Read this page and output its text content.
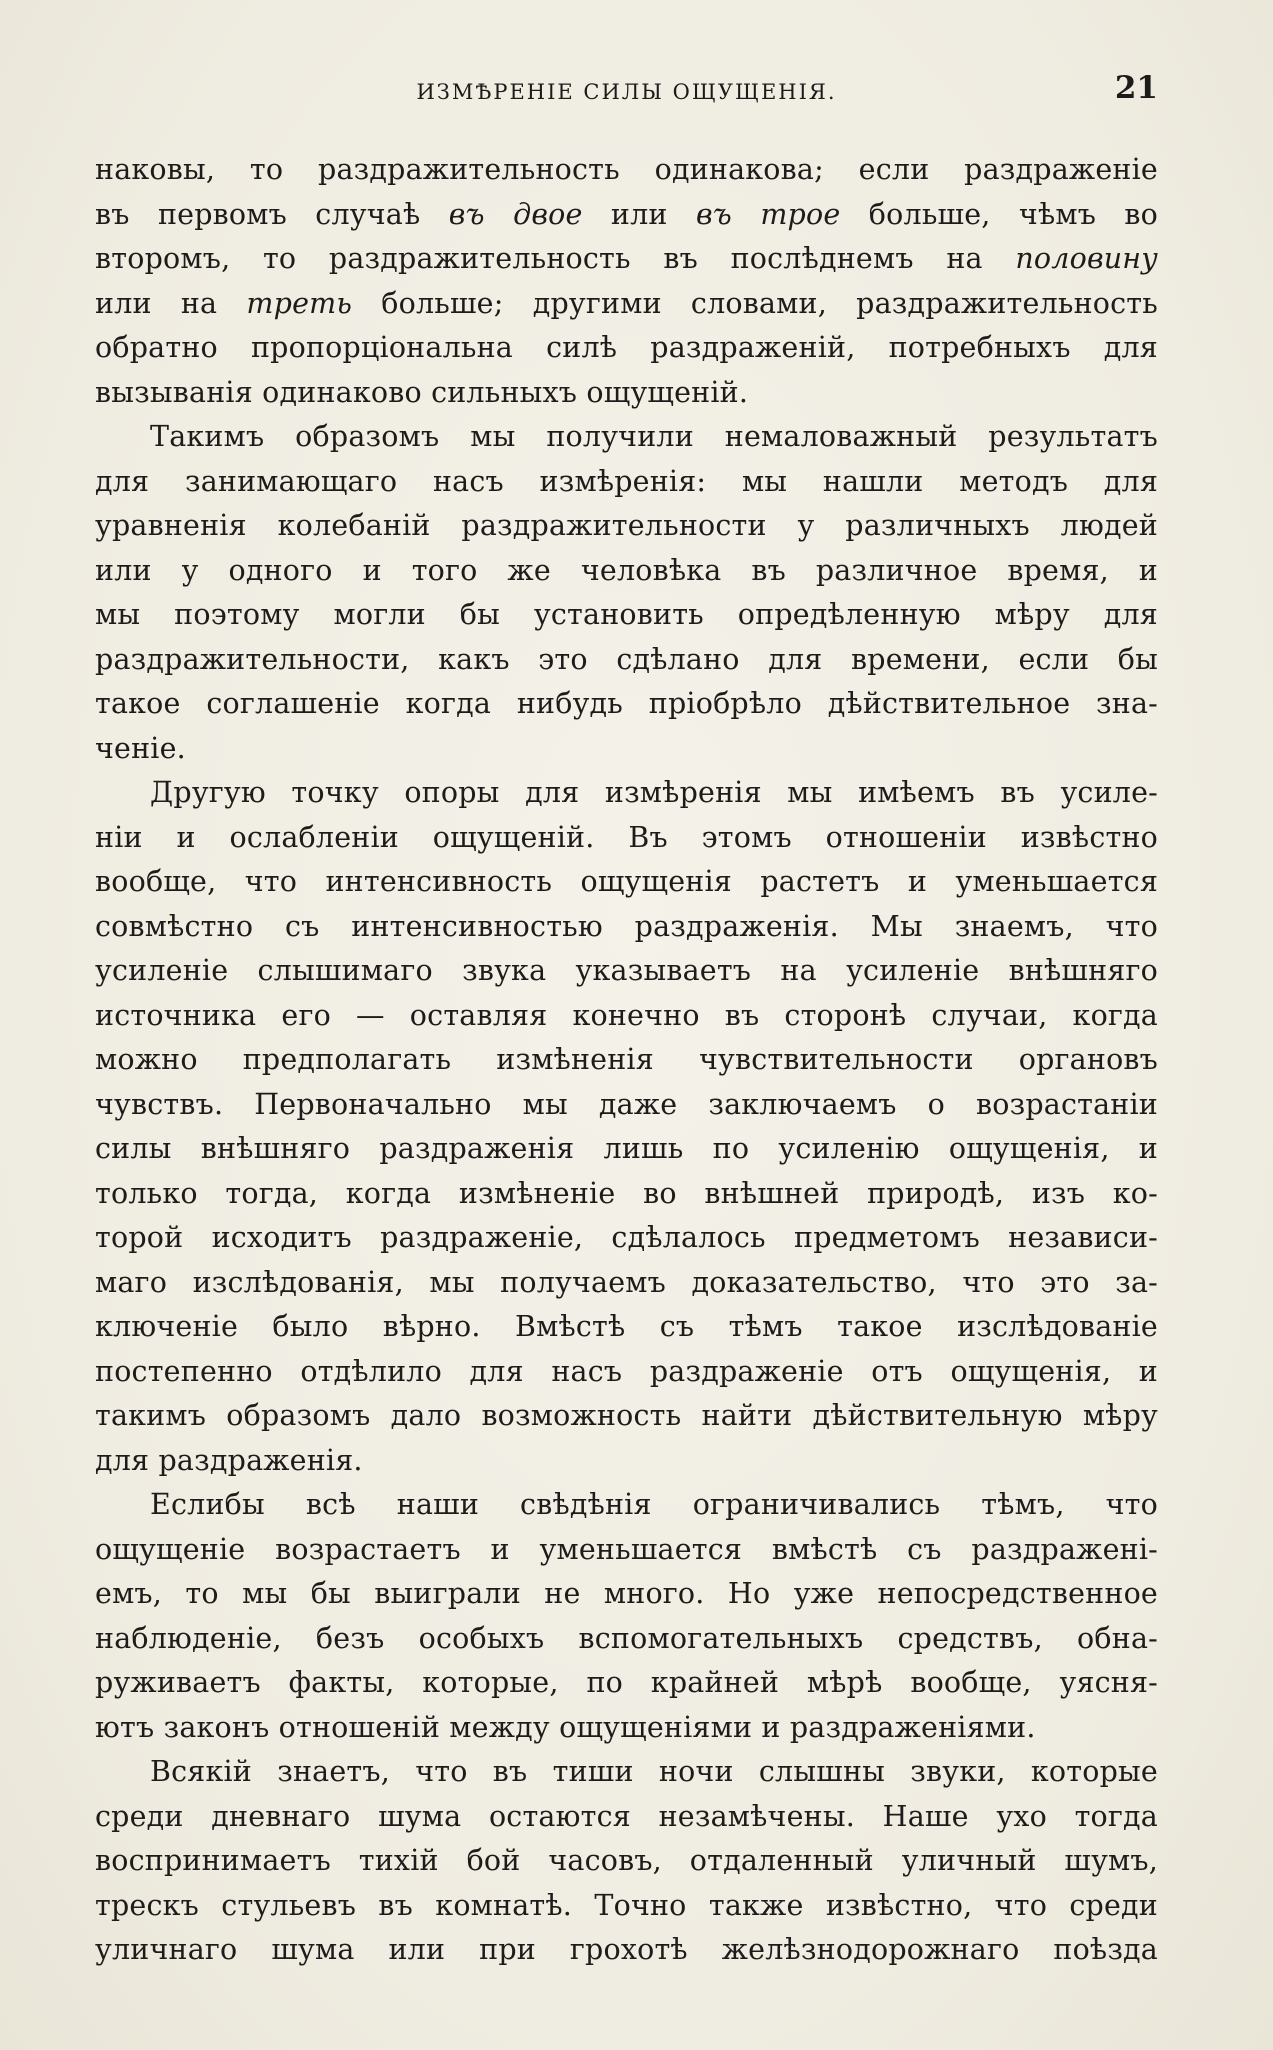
ИЗМѢРЕНІЕ СИЛЫ ОЩУЩЕНІЯ.	21
наковы, то раздражительность одинакова; если раздраженіе
въ первомъ случаѣ въ двое или въ трое больше, чѣмъ во
второмъ, то раздражительность въ послѣднемъ на половину
или на треть больше; другими словами, раздражительность
обратно пропорціональна силѣ раздраженій, потребныхъ для
вызыванія одинаково сильныхъ ощущеній.
Такимъ образомъ мы получили немаловажный результатъ
для занимающаго насъ измѣренія: мы нашли методъ для
уравненія колебаній раздражительности у различныхъ людей
или у одного и того же человѣка въ различное время, и
мы поэтому могли бы установить опредѣленную мѣру для
раздражительности, какъ это сдѣлано для времени, если бы
такое соглашеніе когда нибудь пріобрѣло дѣйствительное зна-
ченіе.
Другую точку опоры для измѣренія мы имѣемъ въ усиле-
ніи и ослабленіи ощущеній. Въ этомъ отношеніи извѣстно
вообще, что интенсивность ощущенія растетъ и уменьшается
совмѣстно съ интенсивностью раздраженія. Мы знаемъ, что
усиленіе слышимаго звука указываетъ на усиленіе внѣшняго
источника его — оставляя конечно въ сторонѣ случаи, когда
можно предполагать измѣненія чувствительности органовъ
чувствъ. Первоначально мы даже заключаемъ о возрастаніи
силы внѣшняго раздраженія лишь по усиленію ощущенія, и
только тогда, когда измѣненіе во внѣшней природѣ, изъ ко-
торой исходитъ раздраженіе, сдѣлалось предметомъ независи-
маго изслѣдованія, мы получаемъ доказательство, что это за-
ключеніе было вѣрно. Вмѣстѣ съ тѣмъ такое изслѣдованіе
постепенно отдѣлило для насъ раздраженіе отъ ощущенія, и
такимъ образомъ дало возможность найти дѣйствительную мѣру
для раздраженія.
Еслибы всѣ наши свѣдѣнія ограничивались тѣмъ, что
ощущеніе возрастаетъ и уменьшается вмѣстѣ съ раздраженi-
емъ, то мы бы выиграли не много. Но уже непосредственное
наблюденіе, безъ особыхъ вспомогательныхъ средствъ, обна-
руживаетъ факты, которые, по крайней мѣрѣ вообще, уясня-
ютъ законъ отношеній между ощущеніями и раздраженіями.
Всякій знаетъ, что въ тиши ночи слышны звуки, которые
среди дневнаго шума остаются незамѣчены. Наше ухо тогда
воспринимаетъ тихій бой часовъ, отдаленный уличный шумъ,
трескъ стульевъ въ комнатѣ. Точно также извѣстно, что среди
уличнаго шума или при грохотѣ желѣзнодорожнаго поѣзда
